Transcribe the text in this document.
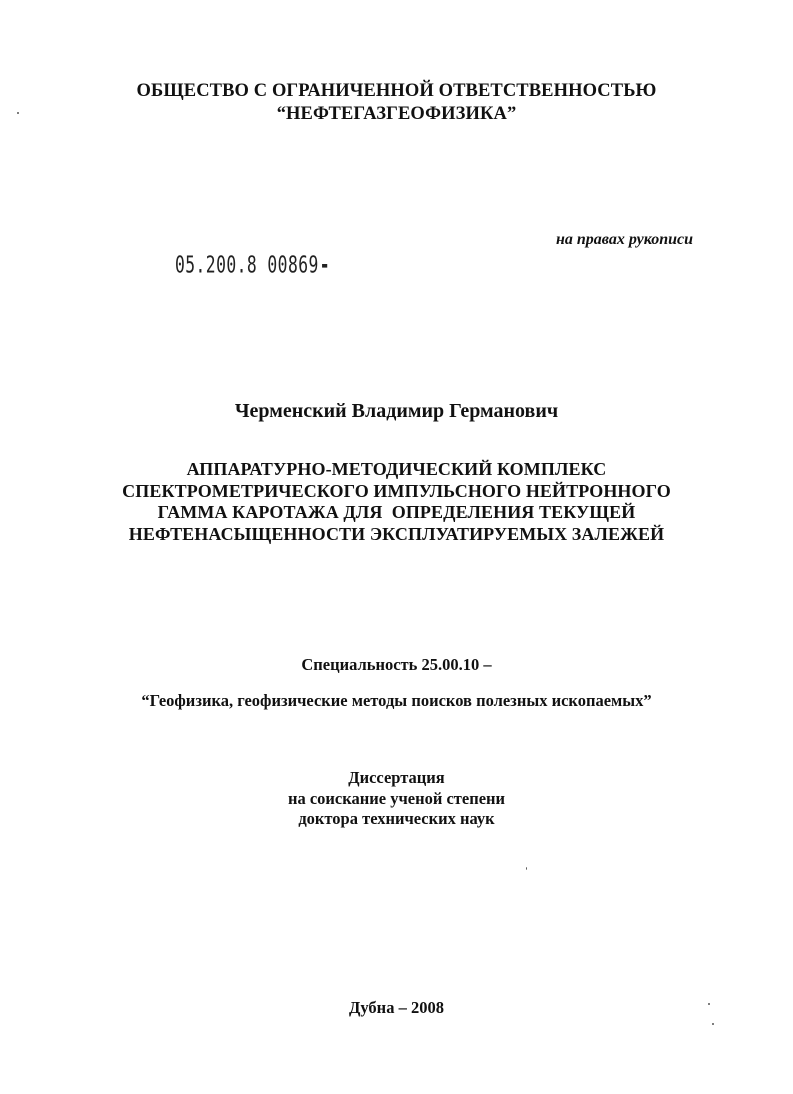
ОБЩЕСТВО С ОГРАНИЧЕННОЙ ОТВЕТСТВЕННОСТЬЮ
“НЕФТЕГАЗГЕОФИЗИКА”
на правах рукописи
05.200.8 00869
Черменский Владимир Германович
АППАРАТУРНО-МЕТОДИЧЕСКИЙ КОМПЛЕКС
СПЕКТРОМЕТРИЧЕСКОГО ИМПУЛЬСНОГО НЕЙТРОННОГО
ГАММА КАРОТАЖА ДЛЯ  ОПРЕДЕЛЕНИЯ ТЕКУЩЕЙ
НЕФТЕНАСЫЩЕННОСТИ ЭКСПЛУАТИРУЕМЫХ ЗАЛЕЖЕЙ
Специальность 25.00.10 –
“Геофизика, геофизические методы поисков полезных ископаемых”
Диссертация
на соискание ученой степени
доктора технических наук
Дубна – 2008
